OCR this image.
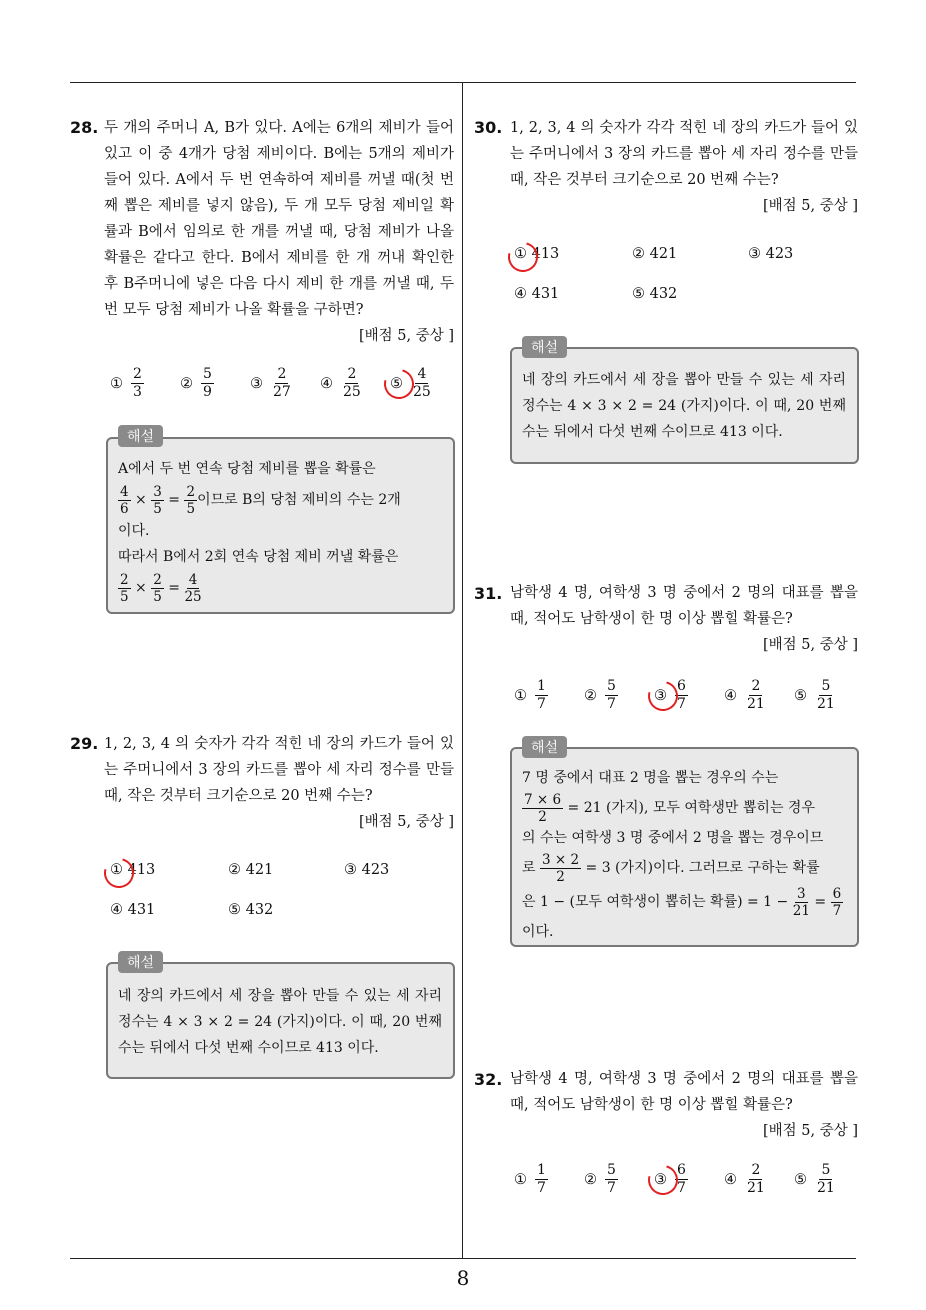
8
28. 두 개의 주머니 A, B가 있다. A에는 6개의 제비가 들어 있고 이 중 4개가 당첨 제비이다. B에는 5개의 제비가 들어 있다. A에서 두 번 연속하여 제비를 꺼낼 때(첫 번째 뽑은 제비를 넣지 않음), 두 개 모두 당첨 제비일 확률과 B에서 임의로 한 개를 꺼낼 때, 당첨 제비가 나올 확률은 같다고 한다. B에서 제비를 한 개 꺼내 확인한 후 B주머니에 넣은 다음 다시 제비 한 개를 꺼낼 때, 두 번 모두 당첨 제비가 나올 확률을 구하면?
[배점 5, 중상 ]
① $\frac{2}{3}$ ② $\frac{5}{9}$ ③ $\frac{2}{27}$ ④ $\frac{2}{25}$ ⑤ $\frac{4}{25}$
해설
A에서 두 번 연속 당첨 제비를 뽑을 확률은
$\frac{4}{6} \times \frac{3}{5} = \frac{2}{5}$ 이므로 B의 당첨 제비의 수는 2개
이다.
따라서 B에서 2회 연속 당첨 제비 꺼낼 확률은
$\frac{2}{5} \times \frac{2}{5} = \frac{4}{25}$
29. 1, 2, 3, 4 의 숫자가 각각 적힌 네 장의 카드가 들어 있는 주머니에서 3 장의 카드를 뽑아 세 자리 정수를 만들 때, 작은 것부터 크기순으로 20 번째 수는?
[배점 5, 중상 ]
① 413	② 421	③ 423
④ 431	⑤ 432
해설
네 장의 카드에서 세 장을 뽑아 만들 수 있는 세 자리 정수는 4 × 3 × 2 = 24 (가지)이다. 이 때, 20 번째 수는 뒤에서 다섯 번째 수이므로 413 이다.
30. 1, 2, 3, 4 의 숫자가 각각 적힌 네 장의 카드가 들어 있는 주머니에서 3 장의 카드를 뽑아 세 자리 정수를 만들 때, 작은 것부터 크기순으로 20 번째 수는?
[배점 5, 중상 ]
① 413	② 421	③ 423
④ 431	⑤ 432
해설
네 장의 카드에서 세 장을 뽑아 만들 수 있는 세 자리 정수는 4 × 3 × 2 = 24 (가지)이다. 이 때, 20 번째 수는 뒤에서 다섯 번째 수이므로 413 이다.
31. 남학생 4 명, 여학생 3 명 중에서 2 명의 대표를 뽑을 때, 적어도 남학생이 한 명 이상 뽑힐 확률은?
[배점 5, 중상 ]
① $\frac{1}{7}$ ② $\frac{5}{7}$ ③ $\frac{6}{7}$ ④ $\frac{2}{21}$ ⑤ $\frac{5}{21}$
해설
7 명 중에서 대표 2 명을 뽑는 경우의 수는
$\frac{7 \times 6}{2} = 21$ (가지), 모두 여학생만 뽑히는 경우
의 수는 여학생 3 명 중에서 2 명을 뽑는 경우이므
로 $\frac{3 \times 2}{2} = 3$ (가지)이다. 그러므로 구하는 확률
은 1 − (모두 여학생이 뽑히는 확률) = $1 - \frac{3}{21} = \frac{6}{7}$
이다.
32. 남학생 4 명, 여학생 3 명 중에서 2 명의 대표를 뽑을 때, 적어도 남학생이 한 명 이상 뽑힐 확률은?
[배점 5, 중상 ]
① $\frac{1}{7}$ ② $\frac{5}{7}$ ③ $\frac{6}{7}$ ④ $\frac{2}{21}$ ⑤ $\frac{5}{21}$
